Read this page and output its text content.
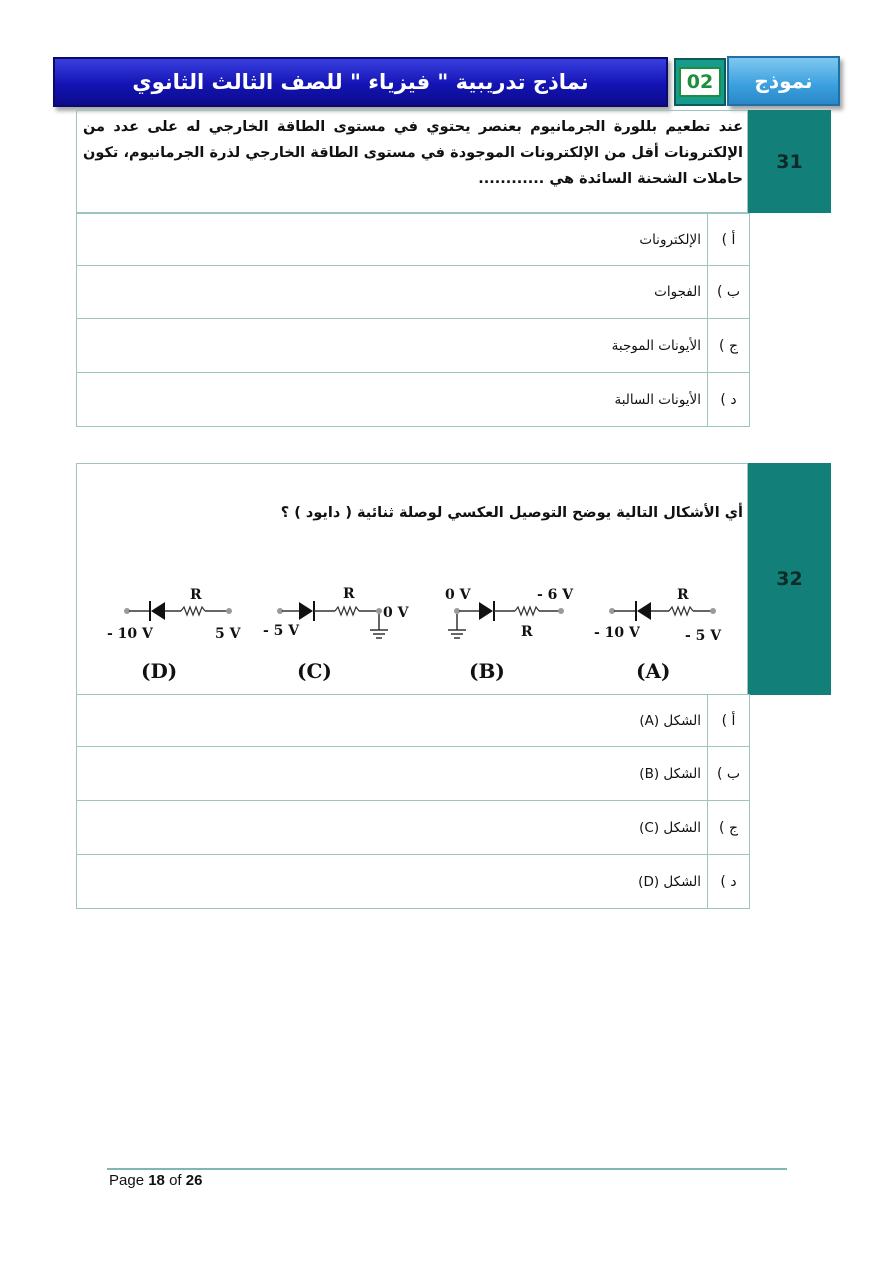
نماذج تدريبية " فيزياء " للصف الثالث الثانوي	02	نموذج
عند تطعيم بللورة الجرمانيوم بعنصر يحتوي في مستوى الطاقة الخارجي له على عدد من الإلكترونات أقل من الإلكترونات الموجودة في مستوى الطاقة الخارجي لذرة الجرمانيوم، تكون حاملات الشحنة السائدة هي ............
31
أ )
الإلكترونات
ب )
الفجوات
ج )
الأيونات الموجبة
د )
الأيونات السالبة
أي الأشكال التالية يوضح التوصيل العكسي لوصلة ثنائية ( دايود ) ؟
R
- 10 V	5 V
(D)
R
- 5 V
0 V
(C)
0 V	- 6 V
R
(B)
R
- 10 V	- 5 V
(A)
32
أ )
الشكل (A)
ب )
الشكل (B)
ج )
الشكل (C)
د )
الشكل (D)
Page 18 of 26
